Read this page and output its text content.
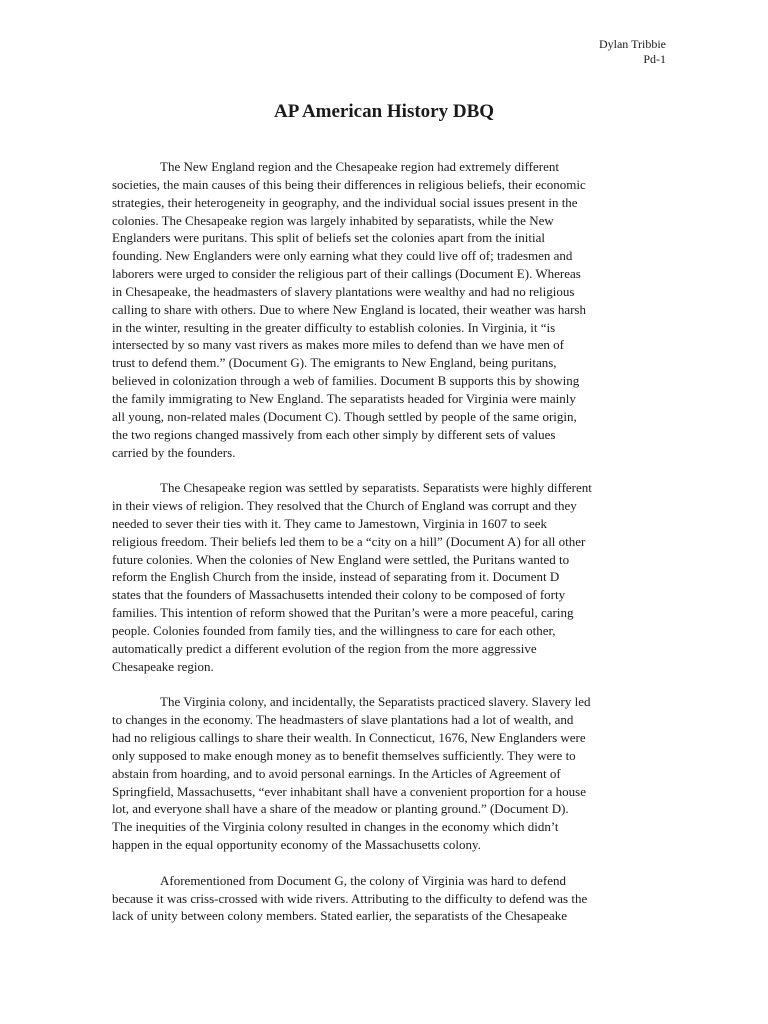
Dylan Tribbie
Pd-1
AP American History DBQ
The New England region and the Chesapeake region had extremely different
societies, the main causes of this being their differences in religious beliefs, their economic
strategies, their heterogeneity in geography, and the individual social issues present in the
colonies. The Chesapeake region was largely inhabited by separatists, while the New
Englanders were puritans. This split of beliefs set the colonies apart from the initial
founding. New Englanders were only earning what they could live off of; tradesmen and
laborers were urged to consider the religious part of their callings (Document E). Whereas
in Chesapeake, the headmasters of slavery plantations were wealthy and had no religious
calling to share with others. Due to where New England is located, their weather was harsh
in the winter, resulting in the greater difficulty to establish colonies. In Virginia, it “is
intersected by so many vast rivers as makes more miles to defend than we have men of
trust to defend them.” (Document G). The emigrants to New England, being puritans,
believed in colonization through a web of families. Document B supports this by showing
the family immigrating to New England. The separatists headed for Virginia were mainly
all young, non-related males (Document C). Though settled by people of the same origin,
the two regions changed massively from each other simply by different sets of values
carried by the founders.
The Chesapeake region was settled by separatists. Separatists were highly different
in their views of religion. They resolved that the Church of England was corrupt and they
needed to sever their ties with it. They came to Jamestown, Virginia in 1607 to seek
religious freedom. Their beliefs led them to be a “city on a hill” (Document A) for all other
future colonies. When the colonies of New England were settled, the Puritans wanted to
reform the English Church from the inside, instead of separating from it. Document D
states that the founders of Massachusetts intended their colony to be composed of forty
families. This intention of reform showed that the Puritan’s were a more peaceful, caring
people. Colonies founded from family ties, and the willingness to care for each other,
automatically predict a different evolution of the region from the more aggressive
Chesapeake region.
The Virginia colony, and incidentally, the Separatists practiced slavery. Slavery led
to changes in the economy. The headmasters of slave plantations had a lot of wealth, and
had no religious callings to share their wealth. In Connecticut, 1676, New Englanders were
only supposed to make enough money as to benefit themselves sufficiently. They were to
abstain from hoarding, and to avoid personal earnings. In the Articles of Agreement of
Springfield, Massachusetts, “ever inhabitant shall have a convenient proportion for a house
lot, and everyone shall have a share of the meadow or planting ground.” (Document D).
The inequities of the Virginia colony resulted in changes in the economy which didn’t
happen in the equal opportunity economy of the Massachusetts colony.
Aforementioned from Document G, the colony of Virginia was hard to defend
because it was criss-crossed with wide rivers. Attributing to the difficulty to defend was the
lack of unity between colony members. Stated earlier, the separatists of the Chesapeake
